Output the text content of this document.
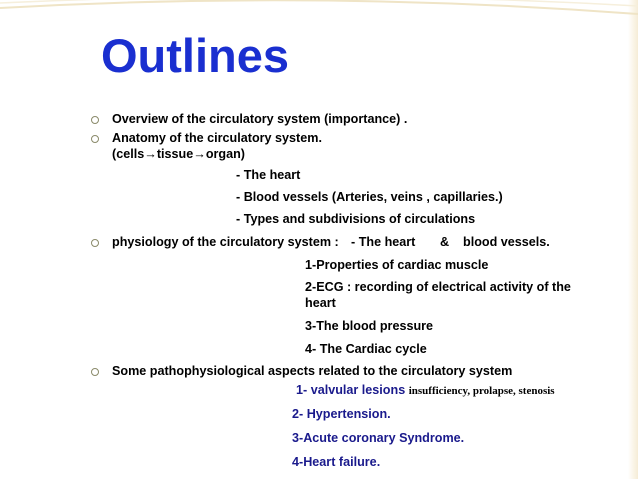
Outlines
Overview of the circulatory system (importance) .
Anatomy of the circulatory system.
(cells→tissue→organ)
- The heart
- Blood vessels (Arteries, veins , capillaries.)
- Types and subdivisions of circulations
physiology of the circulatory system : - The heart & blood vessels.
1-Properties of cardiac muscle
2-ECG : recording of electrical activity of the
heart
3-The blood pressure
4- The Cardiac cycle
Some pathophysiological aspects related to the circulatory system
1- valvular lesions insufficiency, prolapse, stenosis
2- Hypertension.
3-Acute coronary Syndrome.
4-Heart failure.
